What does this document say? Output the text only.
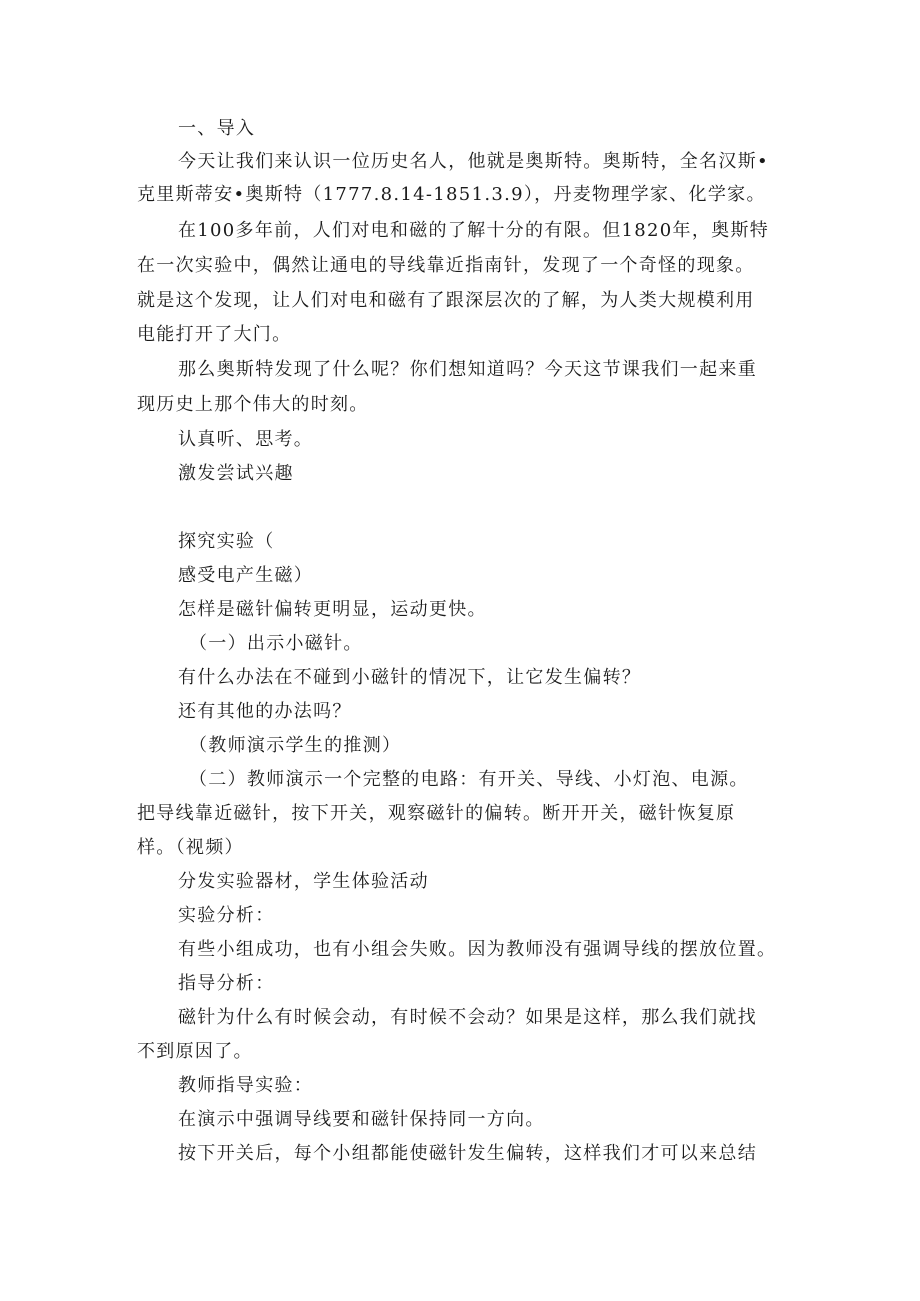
一、导入
今天让我们来认识一位历史名人，他就是奥斯特。奥斯特，全名汉斯•
克里斯蒂安•奥斯特（1777.8.14-1851.3.9），丹麦物理学家、化学家。
在100多年前，人们对电和磁的了解十分的有限。但1820年，奥斯特
在一次实验中，偶然让通电的导线靠近指南针，发现了一个奇怪的现象。
就是这个发现，让人们对电和磁有了跟深层次的了解，为人类大规模利用
电能打开了大门。
那么奥斯特发现了什么呢？你们想知道吗？今天这节课我们一起来重
现历史上那个伟大的时刻。
认真听、思考。
激发尝试兴趣
探究实验（
感受电产生磁）
怎样是磁针偏转更明显，运动更快。
（一）出示小磁针。
有什么办法在不碰到小磁针的情况下，让它发生偏转？
还有其他的办法吗？
（教师演示学生的推测）
（二）教师演示一个完整的电路：有开关、导线、小灯泡、电源。
把导线靠近磁针，按下开关，观察磁针的偏转。断开开关，磁针恢复原
样。（视频）
分发实验器材，学生体验活动
实验分析：
有些小组成功，也有小组会失败。因为教师没有强调导线的摆放位置。
指导分析：
磁针为什么有时候会动，有时候不会动？如果是这样，那么我们就找
不到原因了。
教师指导实验：
在演示中强调导线要和磁针保持同一方向。
按下开关后，每个小组都能使磁针发生偏转，这样我们才可以来总结
